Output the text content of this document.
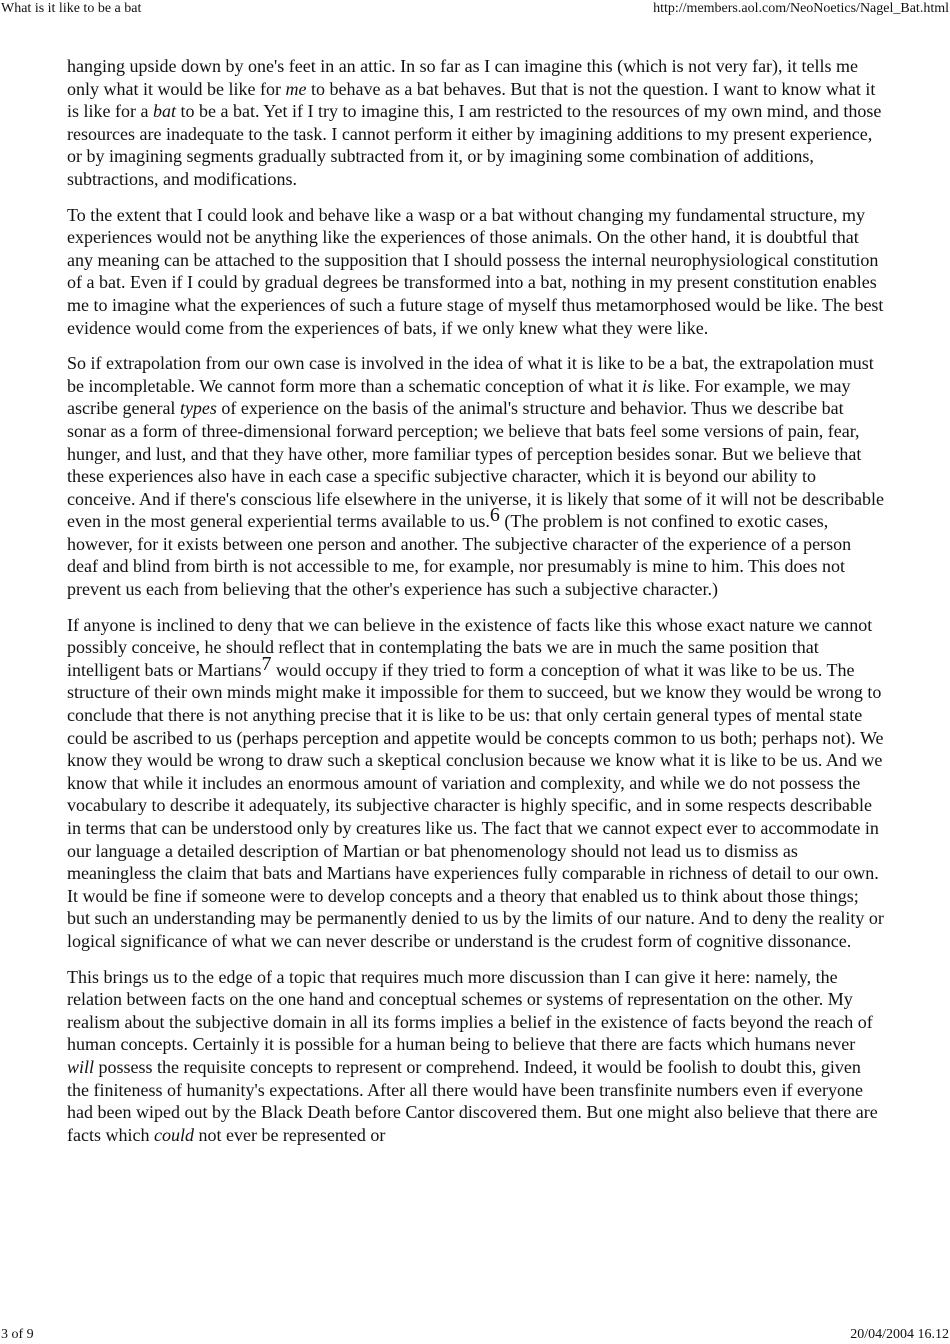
What is it like to be a bat	http://members.aol.com/NeoNoetics/Nagel_Bat.html

hanging upside down by one's feet in an attic. In so far as I can imagine this (which is not very far), it tells me only what it would be like for me to behave as a bat behaves. But that is not the question. I want to know what it is like for a bat to be a bat. Yet if I try to imagine this, I am restricted to the resources of my own mind, and those resources are inadequate to the task. I cannot perform it either by imagining additions to my present experience, or by imagining segments gradually subtracted from it, or by imagining some combination of additions, subtractions, and modifications.

To the extent that I could look and behave like a wasp or a bat without changing my fundamental structure, my experiences would not be anything like the experiences of those animals. On the other hand, it is doubtful that any meaning can be attached to the supposition that I should possess the internal neurophysiological constitution of a bat. Even if I could by gradual degrees be transformed into a bat, nothing in my present constitution enables me to imagine what the experiences of such a future stage of myself thus metamorphosed would be like. The best evidence would come from the experiences of bats, if we only knew what they were like.

So if extrapolation from our own case is involved in the idea of what it is like to be a bat, the extrapolation must be incompletable. We cannot form more than a schematic conception of what it is like. For example, we may ascribe general types of experience on the basis of the animal's structure and behavior. Thus we describe bat sonar as a form of three-dimensional forward perception; we believe that bats feel some versions of pain, fear, hunger, and lust, and that they have other, more familiar types of perception besides sonar. But we believe that these experiences also have in each case a specific subjective character, which it is beyond our ability to conceive. And if there's conscious life elsewhere in the universe, it is likely that some of it will not be describable even in the most general experiential terms available to us.$^6$ (The problem is not confined to exotic cases, however, for it exists between one person and another. The subjective character of the experience of a person deaf and blind from birth is not accessible to me, for example, nor presumably is mine to him. This does not prevent us each from believing that the other's experience has such a subjective character.)

If anyone is inclined to deny that we can believe in the existence of facts like this whose exact nature we cannot possibly conceive, he should reflect that in contemplating the bats we are in much the same position that intelligent bats or Martians$^7$ would occupy if they tried to form a conception of what it was like to be us. The structure of their own minds might make it impossible for them to succeed, but we know they would be wrong to conclude that there is not anything precise that it is like to be us: that only certain general types of mental state could be ascribed to us (perhaps perception and appetite would be concepts common to us both; perhaps not). We know they would be wrong to draw such a skeptical conclusion because we know what it is like to be us. And we know that while it includes an enormous amount of variation and complexity, and while we do not possess the vocabulary to describe it adequately, its subjective character is highly specific, and in some respects describable in terms that can be understood only by creatures like us. The fact that we cannot expect ever to accommodate in our language a detailed description of Martian or bat phenomenology should not lead us to dismiss as meaningless the claim that bats and Martians have experiences fully comparable in richness of detail to our own. It would be fine if someone were to develop concepts and a theory that enabled us to think about those things; but such an understanding may be permanently denied to us by the limits of our nature. And to deny the reality or logical significance of what we can never describe or understand is the crudest form of cognitive dissonance.

This brings us to the edge of a topic that requires much more discussion than I can give it here: namely, the relation between facts on the one hand and conceptual schemes or systems of representation on the other. My realism about the subjective domain in all its forms implies a belief in the existence of facts beyond the reach of human concepts. Certainly it is possible for a human being to believe that there are facts which humans never will possess the requisite concepts to represent or comprehend. Indeed, it would be foolish to doubt this, given the finiteness of humanity's expectations. After all there would have been transfinite numbers even if everyone had been wiped out by the Black Death before Cantor discovered them. But one might also believe that there are facts which could not ever be represented or

3 of 9	20/04/2004 16.12
